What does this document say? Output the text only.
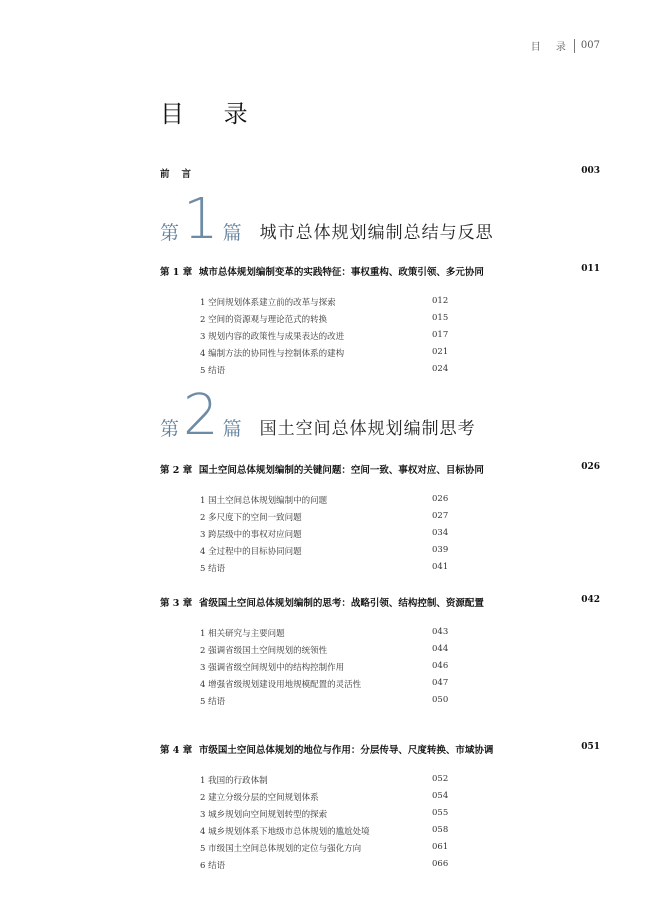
目 录 007
目 录
前言	003
第 1 篇 城市总体规划编制总结与反思
第 1 章 城市总体规划编制变革的实践特征：事权重构、政策引领、多元协同	011
1 空间规划体系建立前的改革与探索	012
2 空间的资源观与理论范式的转换	015
3 规划内容的政策性与成果表达的改进	017
4 编制方法的协同性与控制体系的建构	021
5 结语	024
第 2 篇 国土空间总体规划编制思考
第 2 章 国土空间总体规划编制的关键问题：空间一致、事权对应、目标协同	026
1 国土空间总体规划编制中的问题	026
2 多尺度下的空间一致问题	027
3 跨层级中的事权对应问题	034
4 全过程中的目标协同问题	039
5 结语	041
第 3 章 省级国土空间总体规划编制的思考：战略引领、结构控制、资源配置	042
1 相关研究与主要问题	043
2 强调省级国土空间规划的统领性	044
3 强调省级空间规划中的结构控制作用	046
4 增强省级规划建设用地规模配置的灵活性	047
5 结语	050
第 4 章 市级国土空间总体规划的地位与作用：分层传导、尺度转换、市域协调	051
1 我国的行政体制	052
2 建立分级分层的空间规划体系	054
3 城乡规划向空间规划转型的探索	055
4 城乡规划体系下地级市总体规划的尴尬处境	058
5 市级国土空间总体规划的定位与强化方向	061
6 结语	066
